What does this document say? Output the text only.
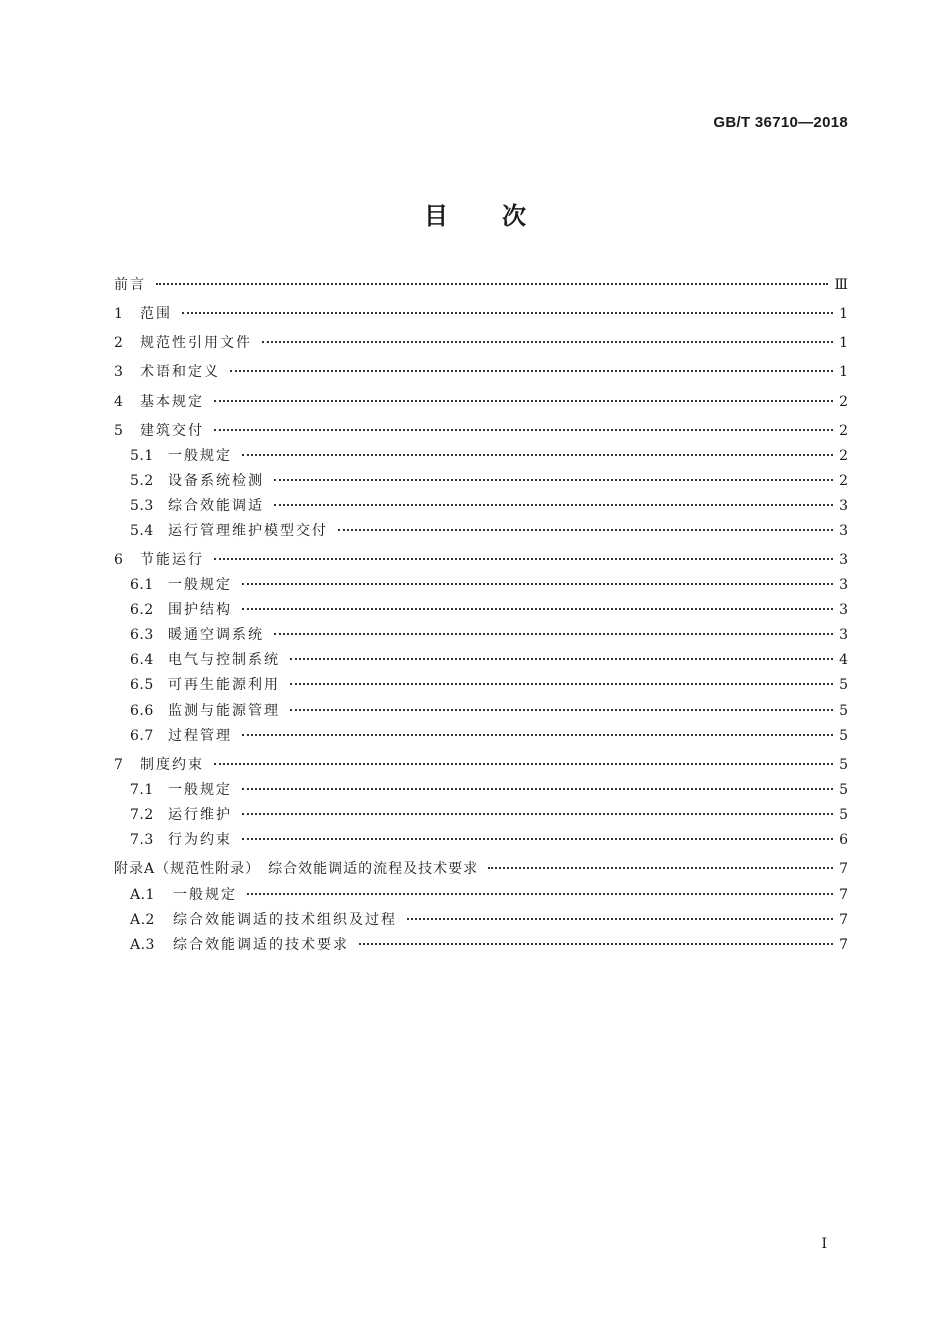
GB/T 36710—2018
目次
前言	Ⅲ
1	范围	1
2	规范性引用文件	1
3	术语和定义	1
4	基本规定	2
5	建筑交付	2
5.1	一般规定	2
5.2	设备系统检测	2
5.3	综合效能调适	3
5.4	运行管理维护模型交付	3
6	节能运行	3
6.1	一般规定	3
6.2	围护结构	3
6.3	暖通空调系统	3
6.4	电气与控制系统	4
6.5	可再生能源利用	5
6.6	监测与能源管理	5
6.7	过程管理	5
7	制度约束	5
7.1	一般规定	5
7.2	运行维护	5
7.3	行为约束	6
附录A（规范性附录）　综合效能调适的流程及技术要求	7
A.1	一般规定	7
A.2	综合效能调适的技术组织及过程	7
A.3	综合效能调适的技术要求	7
I
